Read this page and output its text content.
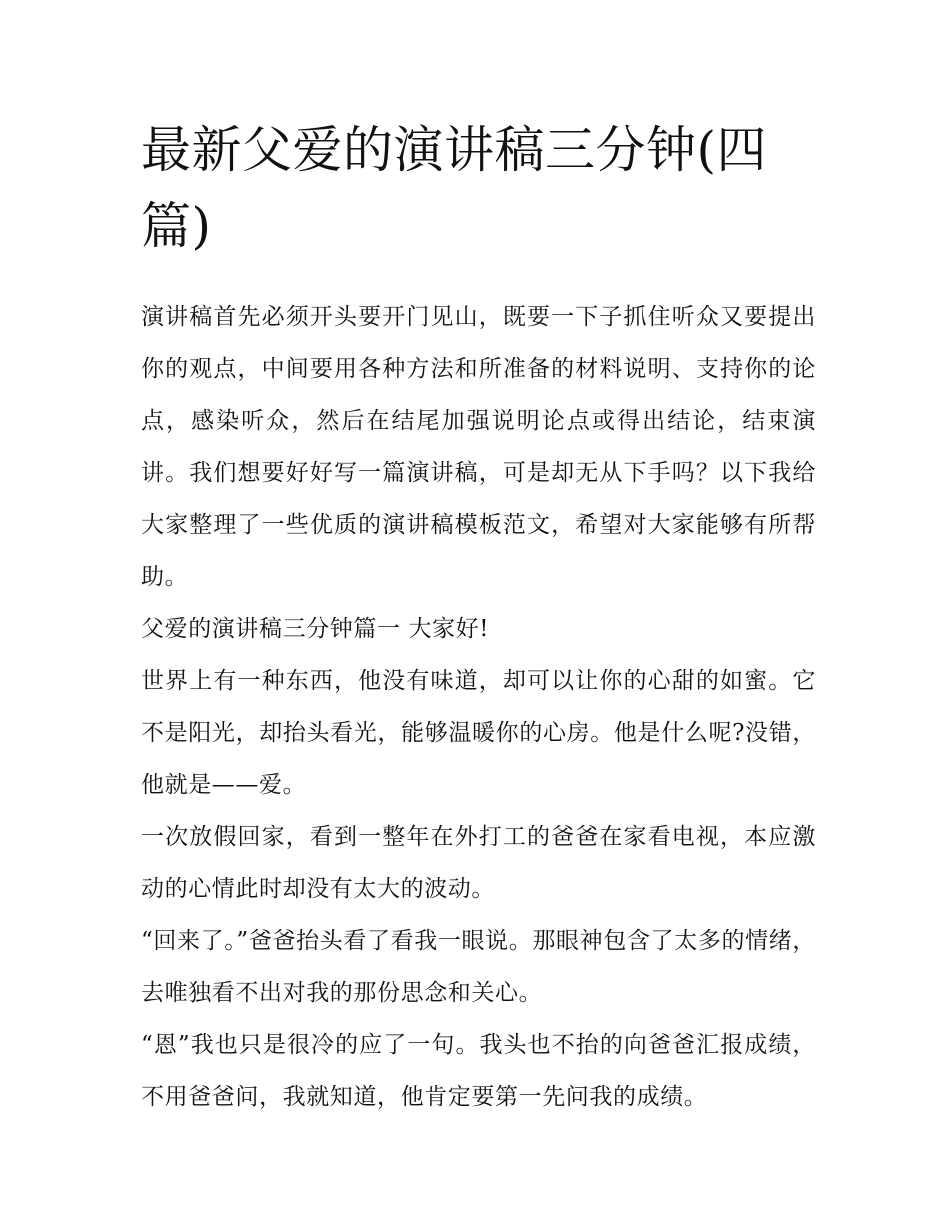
最新父爱的演讲稿三分钟(四篇)

演讲稿首先必须开头要开门见山，既要一下子抓住听众又要提出你的观点，中间要用各种方法和所准备的材料说明、支持你的论点，感染听众，然后在结尾加强说明论点或得出结论，结束演讲。我们想要好好写一篇演讲稿，可是却无从下手吗？以下我给大家整理了一些优质的演讲稿模板范文，希望对大家能够有所帮助。

父爱的演讲稿三分钟篇一 大家好!

世界上有一种东西，他没有味道，却可以让你的心甜的如蜜。它不是阳光，却抬头看光，能够温暖你的心房。他是什么呢?没错，他就是——爱。

一次放假回家，看到一整年在外打工的爸爸在家看电视，本应激动的心情此时却没有太大的波动。

“回来了。”爸爸抬头看了看我一眼说。那眼神包含了太多的情绪，去唯独看不出对我的那份思念和关心。

“恩”我也只是很冷的应了一句。我头也不抬的向爸爸汇报成绩，不用爸爸问，我就知道，他肯定要第一先问我的成绩。
